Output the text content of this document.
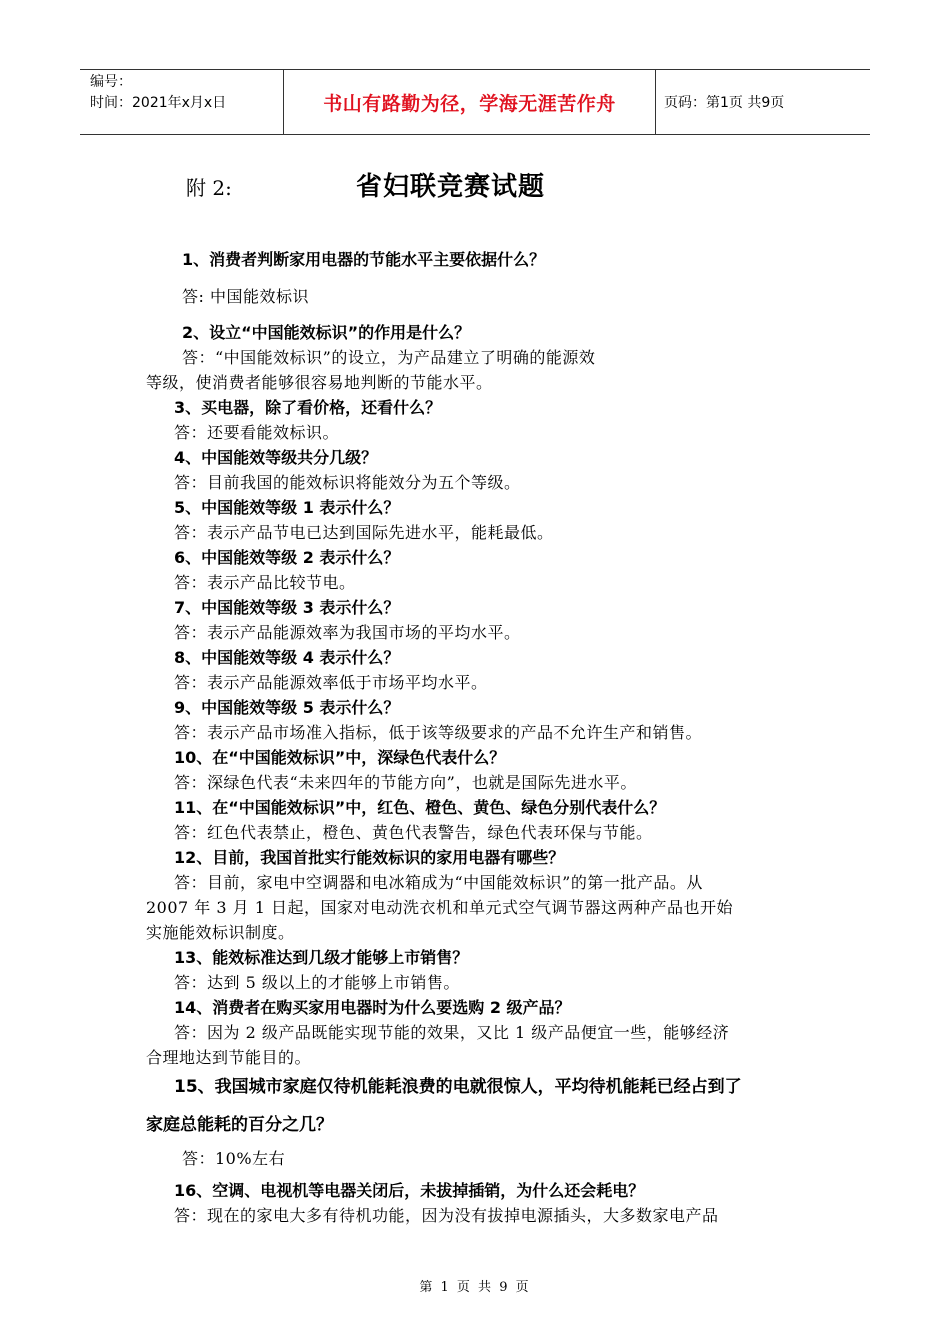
编号：
时间：2021年x月x日	书山有路勤为径，学海无涯苦作舟	页码：第1页 共9页
附 2:	省妇联竞赛试题
1、消费者判断家用电器的节能水平主要依据什么？
答: 中国能效标识
2、设立“中国能效标识”的作用是什么？
答：“中国能效标识”的设立，为产品建立了明确的能源效
等级，使消费者能够很容易地判断的节能水平。
3、买电器，除了看价格，还看什么？
答：还要看能效标识。
4、中国能效等级共分几级？
答：目前我国的能效标识将能效分为五个等级。
5、中国能效等级 1 表示什么？
答：表示产品节电已达到国际先进水平，能耗最低。
6、中国能效等级 2 表示什么？
答：表示产品比较节电。
7、中国能效等级 3 表示什么？
答：表示产品能源效率为我国市场的平均水平。
8、中国能效等级 4 表示什么？
答：表示产品能源效率低于市场平均水平。
9、中国能效等级 5 表示什么？
答：表示产品市场准入指标，低于该等级要求的产品不允许生产和销售。
10、在“中国能效标识”中，深绿色代表什么？
答：深绿色代表“未来四年的节能方向”，也就是国际先进水平。
11、在“中国能效标识”中，红色、橙色、黄色、绿色分别代表什么？
答：红色代表禁止，橙色、黄色代表警告，绿色代表环保与节能。
12、目前，我国首批实行能效标识的家用电器有哪些？
答：目前，家电中空调器和电冰箱成为“中国能效标识”的第一批产品。从
2007 年 3 月 1 日起，国家对电动洗衣机和单元式空气调节器这两种产品也开始
实施能效标识制度。
13、能效标准达到几级才能够上市销售？
答：达到 5 级以上的才能够上市销售。
14、消费者在购买家用电器时为什么要选购 2 级产品？
答：因为 2 级产品既能实现节能的效果，又比 1 级产品便宜一些，能够经济
合理地达到节能目的。
15、我国城市家庭仅待机能耗浪费的电就很惊人，平均待机能耗已经占到了
家庭总能耗的百分之几？
答：10%左右
16、空调、电视机等电器关闭后，未拔掉插销，为什么还会耗电？
答：现在的家电大多有待机功能，因为没有拔掉电源插头，大多数家电产品
第 1 页 共 9 页
